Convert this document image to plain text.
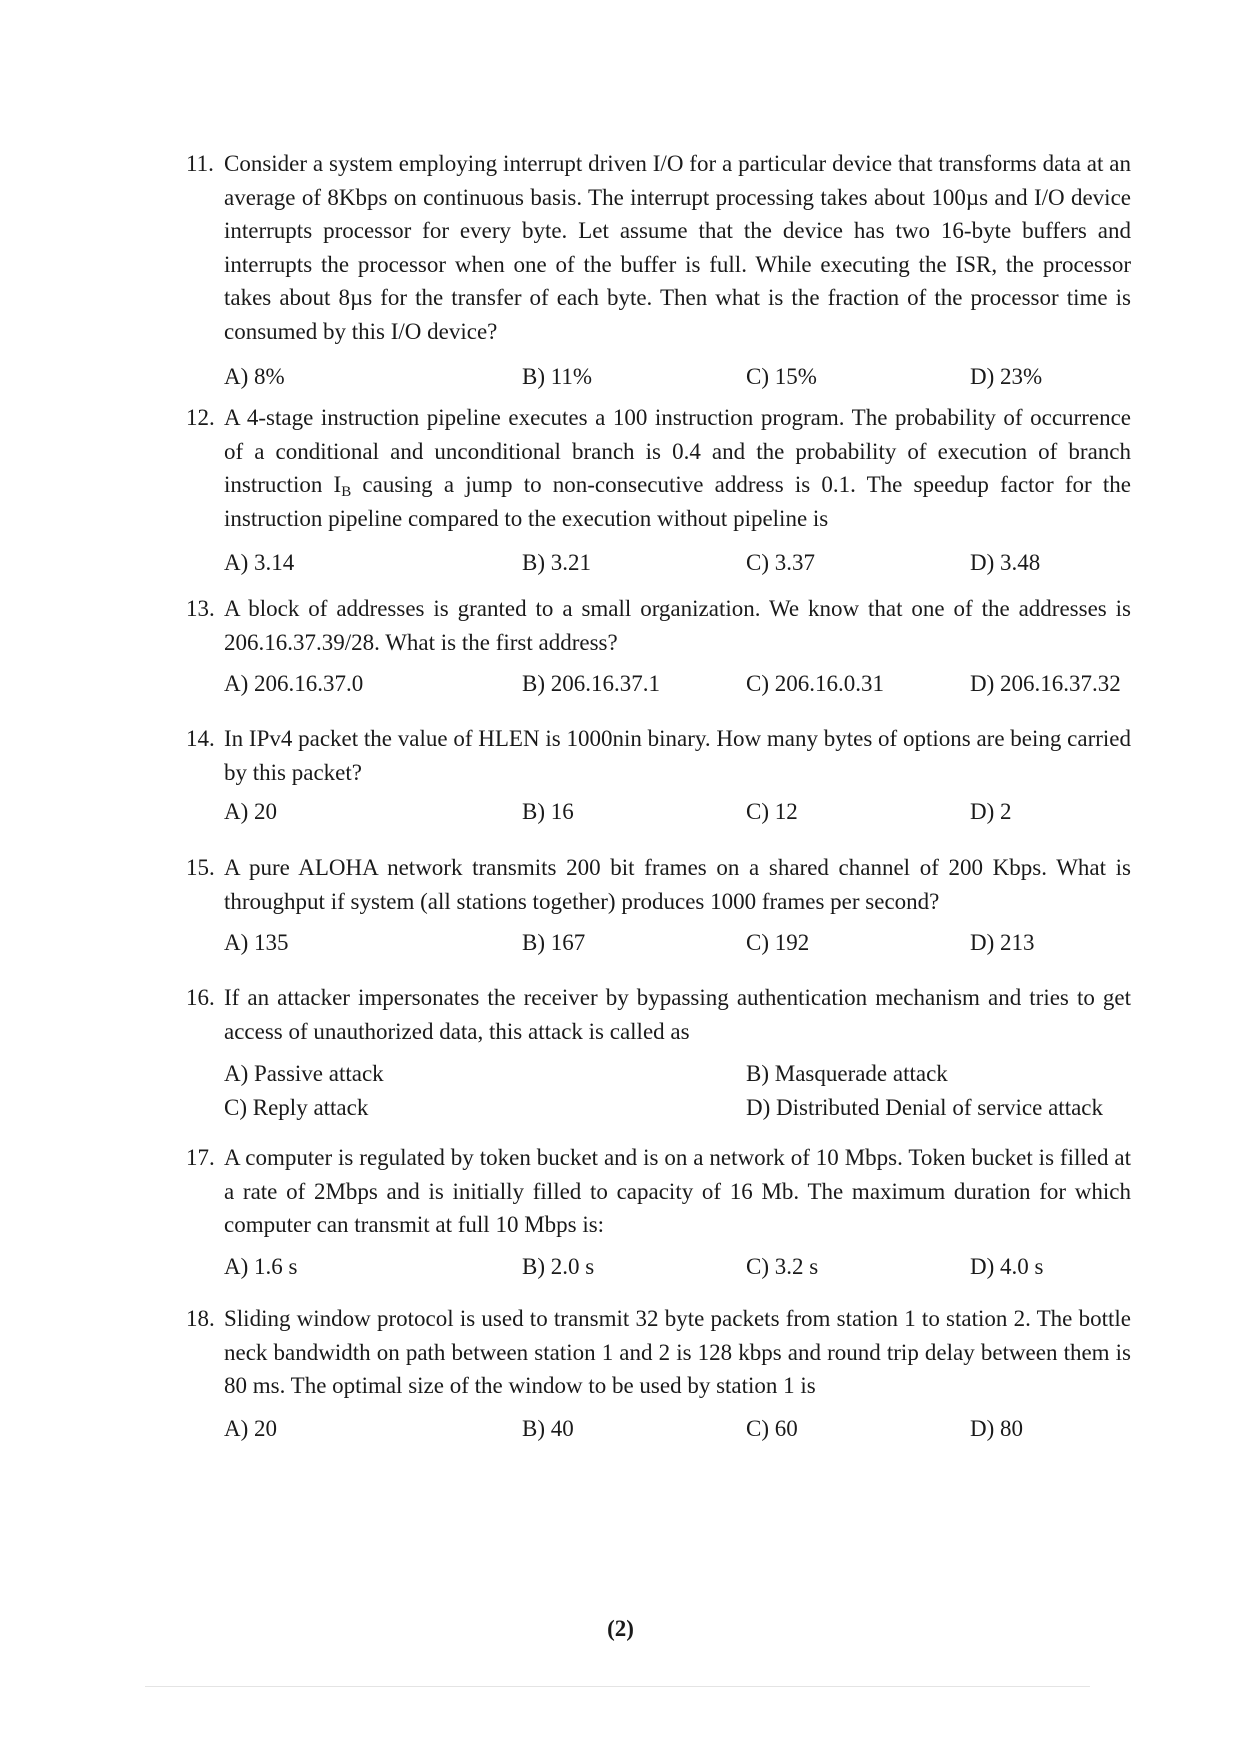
11. Consider a system employing interrupt driven I/O for a particular device that transforms data at an average of 8Kbps on continuous basis. The interrupt processing takes about 100µs and I/O device interrupts processor for every byte. Let assume that the device has two 16-byte buffers and interrupts the processor when one of the buffer is full. While executing the ISR, the processor takes about 8µs for the transfer of each byte. Then what is the fraction of the processor time is consumed by this I/O device?
A) 8%	B) 11%	C) 15%	D) 23%
12. A 4-stage instruction pipeline executes a 100 instruction program. The probability of occurrence of a conditional and unconditional branch is 0.4 and the probability of execution of branch instruction $I_B$ causing a jump to non-consecutive address is 0.1. The speedup factor for the instruction pipeline compared to the execution without pipeline is
A) 3.14	B) 3.21	C) 3.37	D) 3.48
13. A block of addresses is granted to a small organization. We know that one of the addresses is 206.16.37.39/28. What is the first address?
A) 206.16.37.0	B) 206.16.37.1	C) 206.16.0.31	D) 206.16.37.32
14. In IPv4 packet the value of HLEN is 1000nin binary. How many bytes of options are being carried by this packet?
A) 20	B) 16	C) 12	D) 2
15. A pure ALOHA network transmits 200 bit frames on a shared channel of 200 Kbps. What is throughput if system (all stations together) produces 1000 frames per second?
A) 135	B) 167	C) 192	D) 213
16. If an attacker impersonates the receiver by bypassing authentication mechanism and tries to get access of unauthorized data, this attack is called as
A) Passive attack	B) Masquerade attack
C) Reply attack	D) Distributed Denial of service attack
17. A computer is regulated by token bucket and is on a network of 10 Mbps. Token bucket is filled at a rate of 2Mbps and is initially filled to capacity of 16 Mb. The maximum duration for which computer can transmit at full 10 Mbps is:
A) 1.6 s	B) 2.0 s	C) 3.2 s	D) 4.0 s
18. Sliding window protocol is used to transmit 32 byte packets from station 1 to station 2. The bottle neck bandwidth on path between station 1 and 2 is 128 kbps and round trip delay between them is 80 ms. The optimal size of the window to be used by station 1 is
A) 20	B) 40	C) 60	D) 80
(2)
